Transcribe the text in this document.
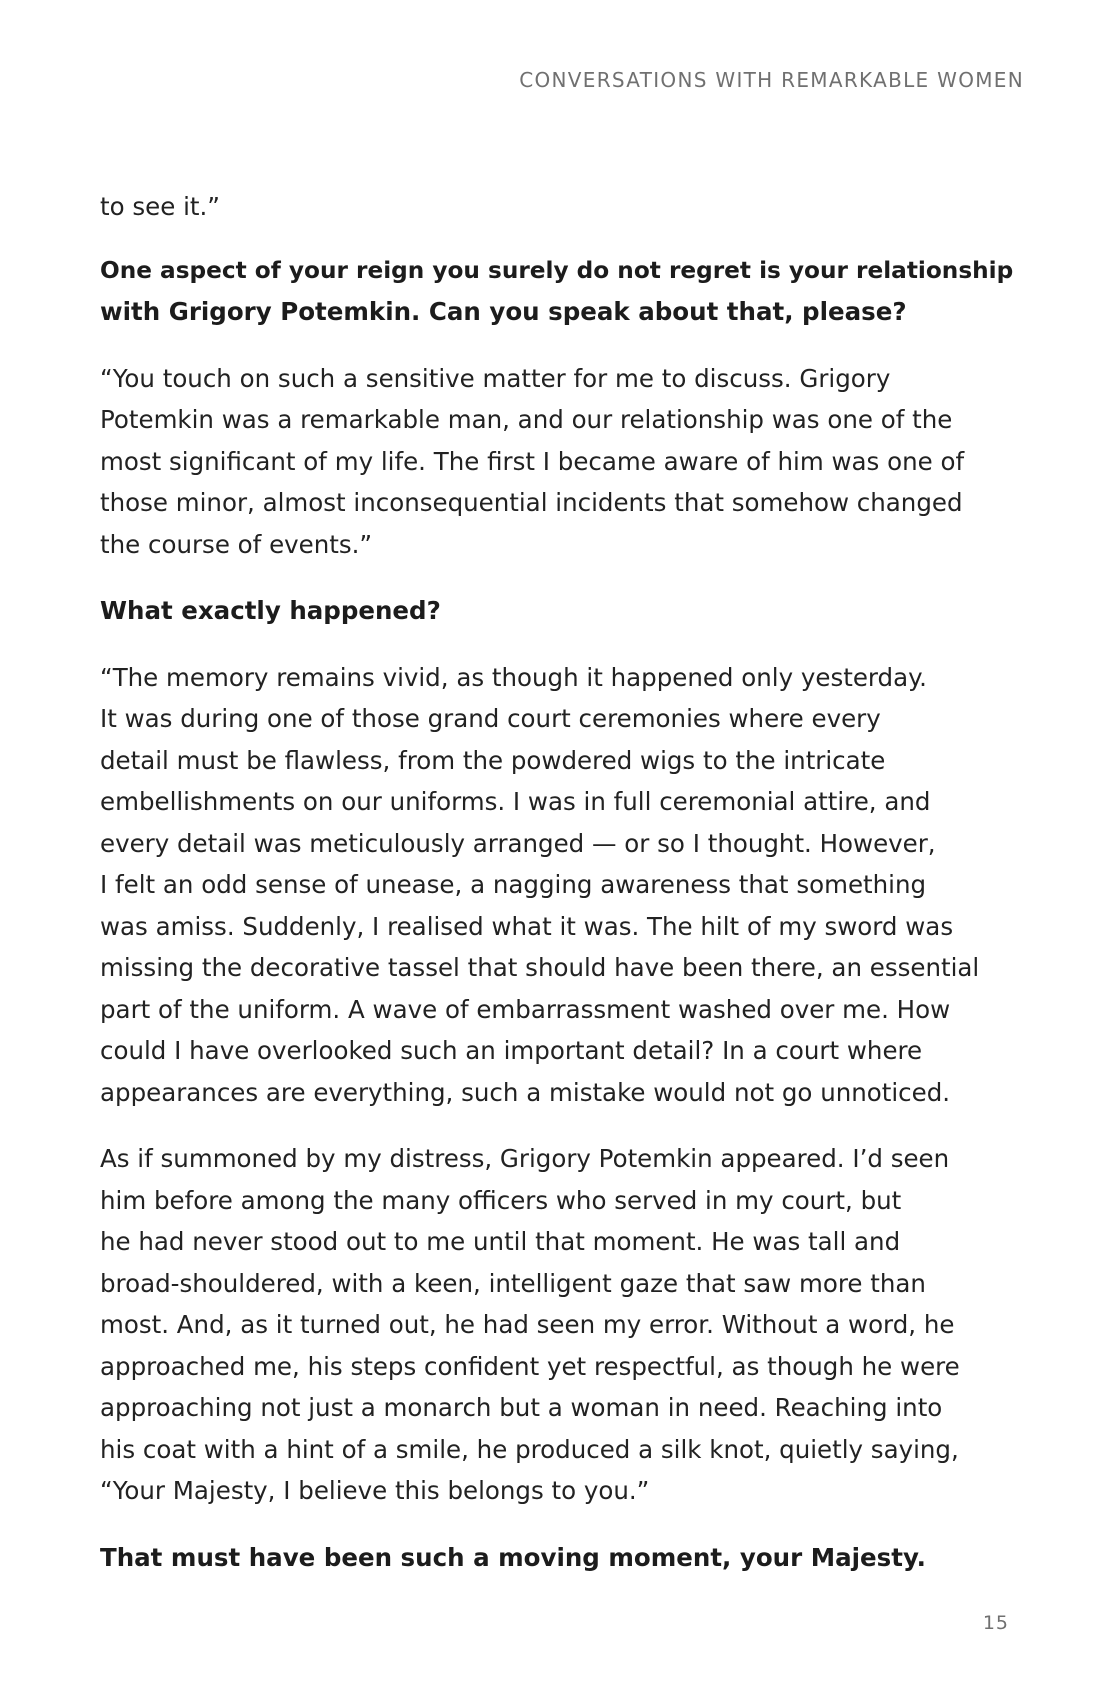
CONVERSATIONS WITH REMARKABLE WOMEN

to see it.”

One aspect of your reign you surely do not regret is your relationship
with Grigory Potemkin. Can you speak about that, please?

“You touch on such a sensitive matter for me to discuss. Grigory
Potemkin was a remarkable man, and our relationship was one of the
most significant of my life. The first I became aware of him was one of
those minor, almost inconsequential incidents that somehow changed
the course of events.”

What exactly happened?

“The memory remains vivid, as though it happened only yesterday.
It was during one of those grand court ceremonies where every
detail must be flawless, from the powdered wigs to the intricate
embellishments on our uniforms. I was in full ceremonial attire, and
every detail was meticulously arranged — or so I thought. However,
I felt an odd sense of unease, a nagging awareness that something
was amiss. Suddenly, I realised what it was. The hilt of my sword was
missing the decorative tassel that should have been there, an essential
part of the uniform. A wave of embarrassment washed over me. How
could I have overlooked such an important detail? In a court where
appearances are everything, such a mistake would not go unnoticed.

As if summoned by my distress, Grigory Potemkin appeared. I’d seen
him before among the many officers who served in my court, but
he had never stood out to me until that moment. He was tall and
broad-shouldered, with a keen, intelligent gaze that saw more than
most. And, as it turned out, he had seen my error. Without a word, he
approached me, his steps confident yet respectful, as though he were
approaching not just a monarch but a woman in need. Reaching into
his coat with a hint of a smile, he produced a silk knot, quietly saying,
“Your Majesty, I believe this belongs to you.”

That must have been such a moving moment, your Majesty.

15
